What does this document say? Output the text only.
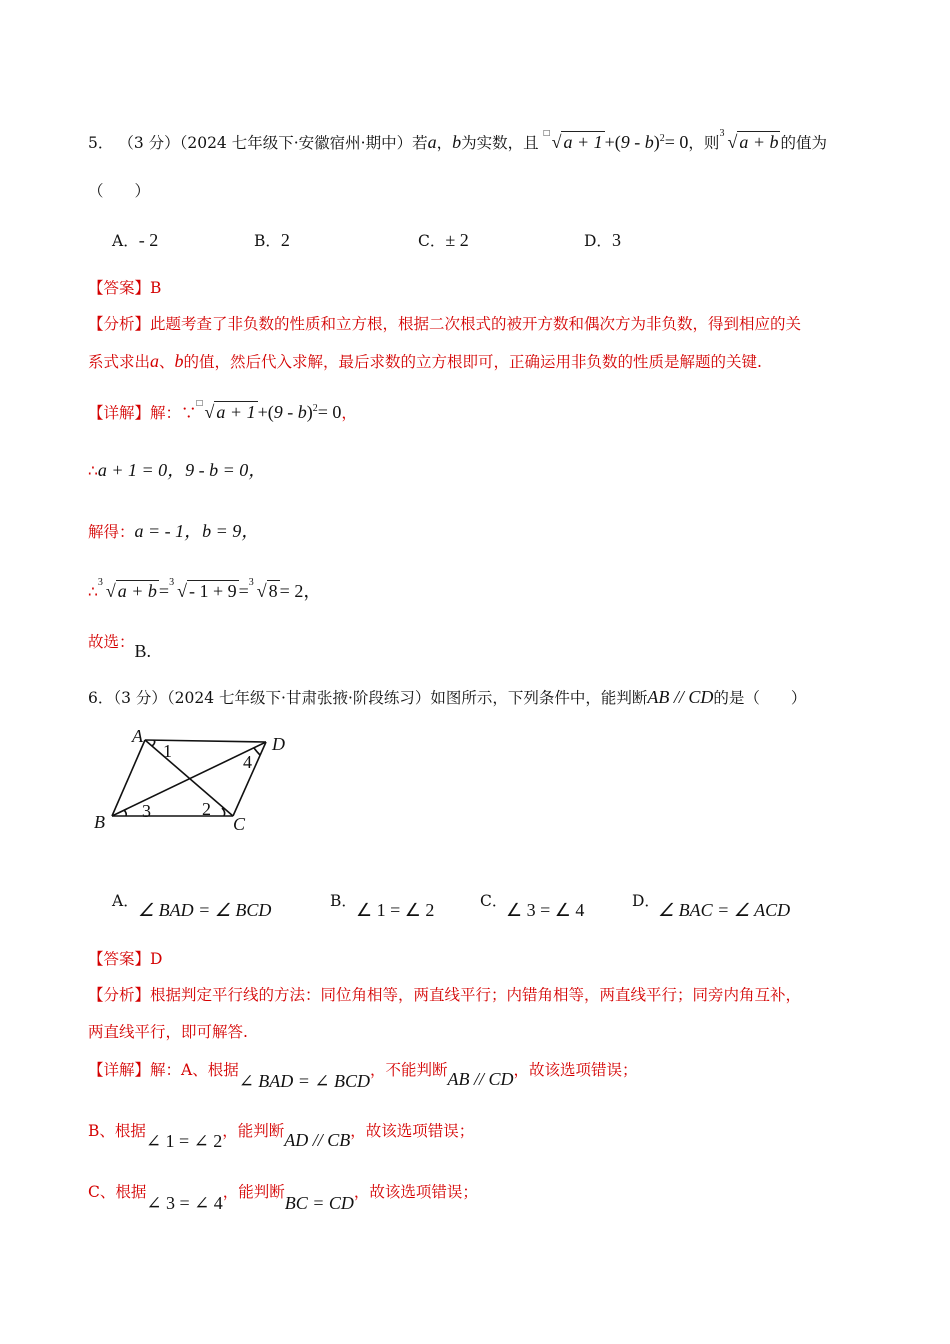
5． （3 分）（2024 七年级下·安徽宿州·期中）若a，b为实数，且
□ √ a + 1 +(9 - b)$^2$= 0，则
3 √ a + b 的值为
（　　）
A．- 2	B．2	C．± 2	D．3
【答案】B
【分析】此题考查了非负数的性质和立方根，根据二次根式的被开方数和偶次方为非负数，得到相应的关
系式求出a、b的值，然后代入求解，最后求数的立方根即可，正确运用非负数的性质是解题的关键.
【详解】解：∵
□ √ a + 1 +(9 - b)$^2$= 0，
∴a + 1 = 0，9 - b = 0，
解得：a = - 1，b = 9，
∴
3 √ a + b = 3 √ - 1 + 9 = 3 √ 8 = 2，
故选：B.
6．（3 分）（2024 七年级下·甘肃张掖·阶段练习）如图所示，下列条件中，能判断AB // CD的是（　　）
A	D
B	C
1
2
3
4
A． ∠ BAD = ∠ BCD	B． ∠ 1 = ∠ 2	C．
∠ 3 = ∠ 4	D．
∠ BAC = ∠ ACD
【答案】D
【分析】根据判定平行线的方法：同位角相等，两直线平行；内错角相等，两直线平行；同旁内角互补，
两直线平行，即可解答.
【详解】解：A、根据∠ BAD = ∠ BCD，不能判断AB // CD，故该选项错误；
B、根据∠ 1 = ∠ 2，能判断AD // CB，故该选项错误；
C、根据∠ 3 = ∠ 4，能判断BC = CD，故该选项错误；
